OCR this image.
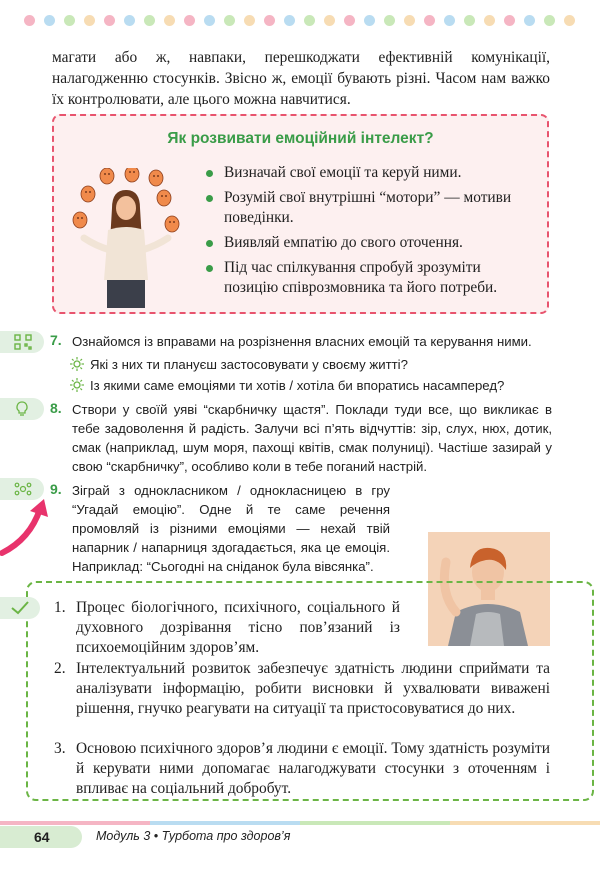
магати або ж, навпаки, перешкоджати ефективній комунікації, налагодженню стосунків. Звісно ж, емоції бувають різні. Часом нам важко їх контролювати, але цього можна навчитися.

Як розвивати емоційний інтелект?
Визначай свої емоції та керуй ними.
Розумій свої внутрішні “мотори” — мотиви поведінки.
Виявляй емпатію до свого оточення.
Під час спілкування спробуй зрозуміти позицію співрозмовника та його потреби.
7. Ознайомся із вправами на розрізнення власних емоцій та керування ними.
Які з них ти плануєш застосовувати у своєму житті?
Із якими саме емоціями ти хотів / хотіла би впоратись насамперед?
8. Створи у своїй уяві “скарбничку щастя”. Поклади туди все, що викликає в тебе задоволення й радість. Залучи всі п’ять відчуттів: зір, слух, нюх, дотик, смак (наприклад, шум моря, пахощі квітів, смак полуниці). Частіше зазирай у свою “скарбничку”, особливо коли в тебе поганий настрій.
9. Зіграй з однокласником / однокласницею в гру “Угадай емоцію”. Одне й те саме речення промовляй із різними емоціями — нехай твій напарник / напарниця здогадається, яка це емоція. Наприклад: “Сьогодні на сніданок була вівсянка”.
1. Процес біологічного, психічного, соціального й духовного дозрівання тісно пов’язаний із психоемоційним здоров’ям.
2. Інтелектуальний розвиток забезпечує здатність людини сприймати та аналізувати інформацію, робити висновки й ухвалювати виважені рішення, гнучко реагувати на ситуації та пристосовуватися до них.
3. Основою психічного здоров’я людини є емоції. Тому здатність розуміти й керувати ними допомагає налагоджувати стосунки з оточенням і впливає на соціальний добробут.
64	Модуль 3 • Турбота про здоров’я
